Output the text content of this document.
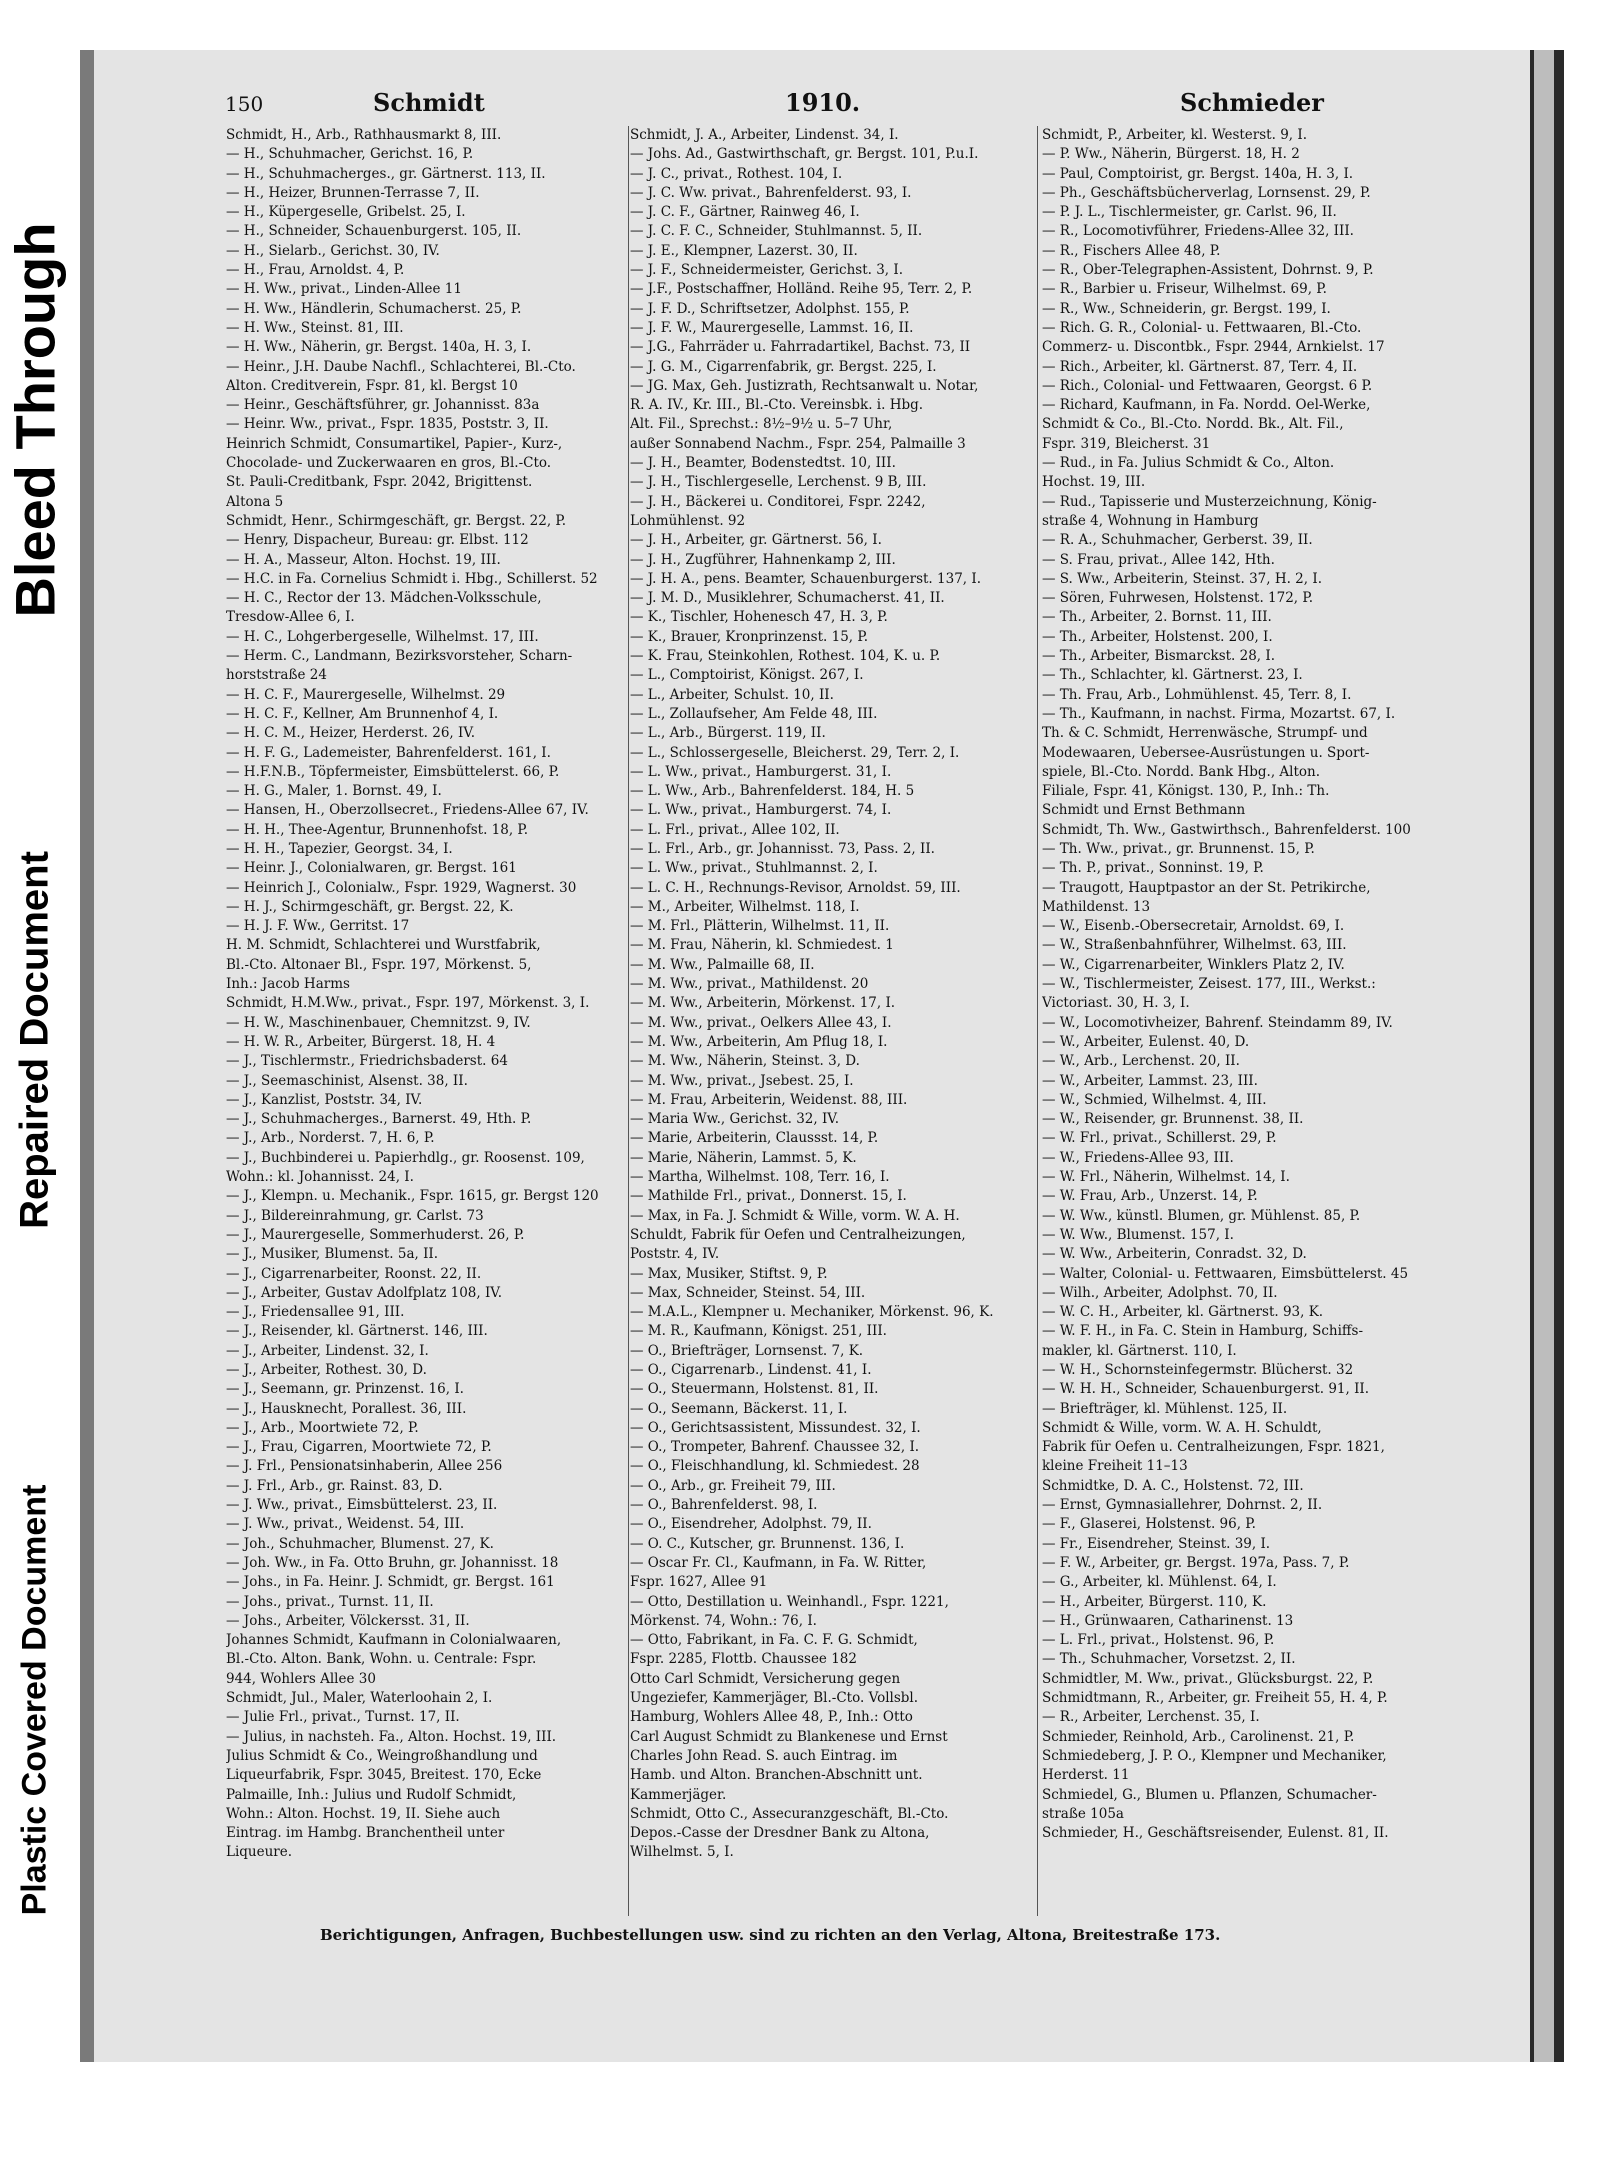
Bleed Through
Repaired Document
Plastic Covered Document
150	Schmidt	1910.	Schmieder
Schmidt, H., Arb., Rathhausmarkt 8, III.
— H., Schuhmacher, Gerichst. 16, P.
— H., Schuhmacherges., gr. Gärtnerst. 113, II.
— H., Heizer, Brunnen-Terrasse 7, II.
— H., Küpergeselle, Gribelst. 25, I.
— H., Schneider, Schauenburgerst. 105, II.
— H., Sielarb., Gerichst. 30, IV.
— H., Frau, Arnoldst. 4, P.
— H. Ww., privat., Linden-Allee 11
— H. Ww., Händlerin, Schumacherst. 25, P.
— H. Ww., Steinst. 81, III.
— H. Ww., Näherin, gr. Bergst. 140a, H. 3, I.
— Heinr., J.H. Daube Nachfl., Schlachterei, Bl.-Cto.
Alton. Creditverein, Fspr. 81, kl. Bergst 10
— Heinr., Geschäftsführer, gr. Johannisst. 83a
— Heinr. Ww., privat., Fspr. 1835, Poststr. 3, II.
Heinrich Schmidt, Consumartikel, Papier-, Kurz-,
Chocolade- und Zuckerwaaren en gros, Bl.-Cto.
St. Pauli-Creditbank, Fspr. 2042, Brigittenst.
Altona 5
Schmidt, Henr., Schirmgeschäft, gr. Bergst. 22, P.
— Henry, Dispacheur, Bureau: gr. Elbst. 112
— H. A., Masseur, Alton. Hochst. 19, III.
— H.C. in Fa. Cornelius Schmidt i. Hbg., Schillerst. 52
— H. C., Rector der 13. Mädchen-Volksschule,
Tresdow-Allee 6, I.
— H. C., Lohgerbergeselle, Wilhelmst. 17, III.
— Herm. C., Landmann, Bezirksvorsteher, Scharn-
horststraße 24
— H. C. F., Maurergeselle, Wilhelmst. 29
— H. C. F., Kellner, Am Brunnenhof 4, I.
— H. C. M., Heizer, Herderst. 26, IV.
— H. F. G., Lademeister, Bahrenfelderst. 161, I.
— H.F.N.B., Töpfermeister, Eimsbüttelerst. 66, P.
— H. G., Maler, 1. Bornst. 49, I.
— Hansen, H., Oberzollsecret., Friedens-Allee 67, IV.
— H. H., Thee-Agentur, Brunnenhofst. 18, P.
— H. H., Tapezier, Georgst. 34, I.
— Heinr. J., Colonialwaren, gr. Bergst. 161
— Heinrich J., Colonialw., Fspr. 1929, Wagnerst. 30
— H. J., Schirmgeschäft, gr. Bergst. 22, K.
— H. J. F. Ww., Gerritst. 17
H. M. Schmidt, Schlachterei und Wurstfabrik,
Bl.-Cto. Altonaer Bl., Fspr. 197, Mörkenst. 5,
Inh.: Jacob Harms
Schmidt, H.M.Ww., privat., Fspr. 197, Mörkenst. 3, I.
— H. W., Maschinenbauer, Chemnitzst. 9, IV.
— H. W. R., Arbeiter, Bürgerst. 18, H. 4
— J., Tischlermstr., Friedrichsbaderst. 64
— J., Seemaschinist, Alsenst. 38, II.
— J., Kanzlist, Poststr. 34, IV.
— J., Schuhmacherges., Barnerst. 49, Hth. P.
— J., Arb., Norderst. 7, H. 6, P.
— J., Buchbinderei u. Papierhdlg., gr. Roosenst. 109,
Wohn.: kl. Johannisst. 24, I.
— J., Klempn. u. Mechanik., Fspr. 1615, gr. Bergst 120
— J., Bildereinrahmung, gr. Carlst. 73
— J., Maurergeselle, Sommerhuderst. 26, P.
— J., Musiker, Blumenst. 5a, II.
— J., Cigarrenarbeiter, Roonst. 22, II.
— J., Arbeiter, Gustav Adolfplatz 108, IV.
— J., Friedensallee 91, III.
— J., Reisender, kl. Gärtnerst. 146, III.
— J., Arbeiter, Lindenst. 32, I.
— J., Arbeiter, Rothest. 30, D.
— J., Seemann, gr. Prinzenst. 16, I.
— J., Hausknecht, Porallest. 36, III.
— J., Arb., Moortwiete 72, P.
— J., Frau, Cigarren, Moortwiete 72, P.
— J. Frl., Pensionatsinhaberin, Allee 256
— J. Frl., Arb., gr. Rainst. 83, D.
— J. Ww., privat., Eimsbüttelerst. 23, II.
— J. Ww., privat., Weidenst. 54, III.
— Joh., Schuhmacher, Blumenst. 27, K.
— Joh. Ww., in Fa. Otto Bruhn, gr. Johannisst. 18
— Johs., in Fa. Heinr. J. Schmidt, gr. Bergst. 161
— Johs., privat., Turnst. 11, II.
— Johs., Arbeiter, Völckersst. 31, II.
Johannes Schmidt, Kaufmann in Colonialwaaren,
Bl.-Cto. Alton. Bank, Wohn. u. Centrale: Fspr.
944, Wohlers Allee 30
Schmidt, Jul., Maler, Waterloohain 2, I.
— Julie Frl., privat., Turnst. 17, II.
— Julius, in nachsteh. Fa., Alton. Hochst. 19, III.
Julius Schmidt & Co., Weingroßhandlung und
Liqueurfabrik, Fspr. 3045, Breitest. 170, Ecke
Palmaille, Inh.: Julius und Rudolf Schmidt,
Wohn.: Alton. Hochst. 19, II. Siehe auch
Eintrag. im Hambg. Branchentheil unter
Liqueure.
Schmidt, J. A., Arbeiter, Lindenst. 34, I.
— Johs. Ad., Gastwirthschaft, gr. Bergst. 101, P.u.I.
— J. C., privat., Rothest. 104, I.
— J. C. Ww. privat., Bahrenfelderst. 93, I.
— J. C. F., Gärtner, Rainweg 46, I.
— J. C. F. C., Schneider, Stuhlmannst. 5, II.
— J. E., Klempner, Lazerst. 30, II.
— J. F., Schneidermeister, Gerichst. 3, I.
— J.F., Postschaffner, Holländ. Reihe 95, Terr. 2, P.
— J. F. D., Schriftsetzer, Adolphst. 155, P.
— J. F. W., Maurergeselle, Lammst. 16, II.
— J.G., Fahrräder u. Fahrradartikel, Bachst. 73, II
— J. G. M., Cigarrenfabrik, gr. Bergst. 225, I.
— JG. Max, Geh. Justizrath, Rechtsanwalt u. Notar,
R. A. IV., Kr. III., Bl.-Cto. Vereinsbk. i. Hbg.
Alt. Fil., Sprechst.: 8½–9½ u. 5–7 Uhr,
außer Sonnabend Nachm., Fspr. 254, Palmaille 3
— J. H., Beamter, Bodenstedtst. 10, III.
— J. H., Tischlergeselle, Lerchenst. 9 B, III.
— J. H., Bäckerei u. Conditorei, Fspr. 2242,
Lohmühlenst. 92
— J. H., Arbeiter, gr. Gärtnerst. 56, I.
— J. H., Zugführer, Hahnenkamp 2, III.
— J. H. A., pens. Beamter, Schauenburgerst. 137, I.
— J. M. D., Musiklehrer, Schumacherst. 41, II.
— K., Tischler, Hohenesch 47, H. 3, P.
— K., Brauer, Kronprinzenst. 15, P.
— K. Frau, Steinkohlen, Rothest. 104, K. u. P.
— L., Comptoirist, Königst. 267, I.
— L., Arbeiter, Schulst. 10, II.
— L., Zollaufseher, Am Felde 48, III.
— L., Arb., Bürgerst. 119, II.
— L., Schlossergeselle, Bleicherst. 29, Terr. 2, I.
— L. Ww., privat., Hamburgerst. 31, I.
— L. Ww., Arb., Bahrenfelderst. 184, H. 5
— L. Ww., privat., Hamburgerst. 74, I.
— L. Frl., privat., Allee 102, II.
— L. Frl., Arb., gr. Johannisst. 73, Pass. 2, II.
— L. Ww., privat., Stuhlmannst. 2, I.
— L. C. H., Rechnungs-Revisor, Arnoldst. 59, III.
— M., Arbeiter, Wilhelmst. 118, I.
— M. Frl., Plätterin, Wilhelmst. 11, II.
— M. Frau, Näherin, kl. Schmiedest. 1
— M. Ww., Palmaille 68, II.
— M. Ww., privat., Mathildenst. 20
— M. Ww., Arbeiterin, Mörkenst. 17, I.
— M. Ww., privat., Oelkers Allee 43, I.
— M. Ww., Arbeiterin, Am Pflug 18, I.
— M. Ww., Näherin, Steinst. 3, D.
— M. Ww., privat., Jsebest. 25, I.
— M. Frau, Arbeiterin, Weidenst. 88, III.
— Maria Ww., Gerichst. 32, IV.
— Marie, Arbeiterin, Claussst. 14, P.
— Marie, Näherin, Lammst. 5, K.
— Martha, Wilhelmst. 108, Terr. 16, I.
— Mathilde Frl., privat., Donnerst. 15, I.
— Max, in Fa. J. Schmidt & Wille, vorm. W. A. H.
Schuldt, Fabrik für Oefen und Centralheizungen,
Poststr. 4, IV.
— Max, Musiker, Stiftst. 9, P.
— Max, Schneider, Steinst. 54, III.
— M.A.L., Klempner u. Mechaniker, Mörkenst. 96, K.
— M. R., Kaufmann, Königst. 251, III.
— O., Briefträger, Lornsenst. 7, K.
— O., Cigarrenarb., Lindenst. 41, I.
— O., Steuermann, Holstenst. 81, II.
— O., Seemann, Bäckerst. 11, I.
— O., Gerichtsassistent, Missundest. 32, I.
— O., Trompeter, Bahrenf. Chaussee 32, I.
— O., Fleischhandlung, kl. Schmiedest. 28
— O., Arb., gr. Freiheit 79, III.
— O., Bahrenfelderst. 98, I.
— O., Eisendreher, Adolphst. 79, II.
— O. C., Kutscher, gr. Brunnenst. 136, I.
— Oscar Fr. Cl., Kaufmann, in Fa. W. Ritter,
Fspr. 1627, Allee 91
— Otto, Destillation u. Weinhandl., Fspr. 1221,
Mörkenst. 74, Wohn.: 76, I.
— Otto, Fabrikant, in Fa. C. F. G. Schmidt,
Fspr. 2285, Flottb. Chaussee 182
Otto Carl Schmidt, Versicherung gegen
Ungeziefer, Kammerjäger, Bl.-Cto. Vollsbl.
Hamburg, Wohlers Allee 48, P., Inh.: Otto
Carl August Schmidt zu Blankenese und Ernst
Charles John Read. S. auch Eintrag. im
Hamb. und Alton. Branchen-Abschnitt unt.
Kammerjäger.
Schmidt, Otto C., Assecuranzgeschäft, Bl.-Cto.
Depos.-Casse der Dresdner Bank zu Altona,
Wilhelmst. 5, I.
Schmidt, P., Arbeiter, kl. Westerst. 9, I.
— P. Ww., Näherin, Bürgerst. 18, H. 2
— Paul, Comptoirist, gr. Bergst. 140a, H. 3, I.
— Ph., Geschäftsbücherverlag, Lornsenst. 29, P.
— P. J. L., Tischlermeister, gr. Carlst. 96, II.
— R., Locomotivführer, Friedens-Allee 32, III.
— R., Fischers Allee 48, P.
— R., Ober-Telegraphen-Assistent, Dohrnst. 9, P.
— R., Barbier u. Friseur, Wilhelmst. 69, P.
— R., Ww., Schneiderin, gr. Bergst. 199, I.
— Rich. G. R., Colonial- u. Fettwaaren, Bl.-Cto.
Commerz- u. Discontbk., Fspr. 2944, Arnkielst. 17
— Rich., Arbeiter, kl. Gärtnerst. 87, Terr. 4, II.
— Rich., Colonial- und Fettwaaren, Georgst. 6 P.
— Richard, Kaufmann, in Fa. Nordd. Oel-Werke,
Schmidt & Co., Bl.-Cto. Nordd. Bk., Alt. Fil.,
Fspr. 319, Bleicherst. 31
— Rud., in Fa. Julius Schmidt & Co., Alton.
Hochst. 19, III.
— Rud., Tapisserie und Musterzeichnung, König-
straße 4, Wohnung in Hamburg
— R. A., Schuhmacher, Gerberst. 39, II.
— S. Frau, privat., Allee 142, Hth.
— S. Ww., Arbeiterin, Steinst. 37, H. 2, I.
— Sören, Fuhrwesen, Holstenst. 172, P.
— Th., Arbeiter, 2. Bornst. 11, III.
— Th., Arbeiter, Holstenst. 200, I.
— Th., Arbeiter, Bismarckst. 28, I.
— Th., Schlachter, kl. Gärtnerst. 23, I.
— Th. Frau, Arb., Lohmühlenst. 45, Terr. 8, I.
— Th., Kaufmann, in nachst. Firma, Mozartst. 67, I.
Th. & C. Schmidt, Herrenwäsche, Strumpf- und
Modewaaren, Ueberseе-Ausrüstungen u. Sport-
spiele, Bl.-Cto. Nordd. Bank Hbg., Alton.
Filiale, Fspr. 41, Königst. 130, P., Inh.: Th.
Schmidt und Ernst Bethmann
Schmidt, Th. Ww., Gastwirthsch., Bahrenfelderst. 100
— Th. Ww., privat., gr. Brunnenst. 15, P.
— Th. P., privat., Sonninst. 19, P.
— Traugott, Hauptpastor an der St. Petrikirche,
Mathildenst. 13
— W., Eisenb.-Obersecretair, Arnoldst. 69, I.
— W., Straßenbahnführer, Wilhelmst. 63, III.
— W., Cigarrenarbeiter, Winklers Platz 2, IV.
— W., Tischlermeister, Zeisest. 177, III., Werkst.:
Victoriast. 30, H. 3, I.
— W., Locomotivheizer, Bahrenf. Steindamm 89, IV.
— W., Arbeiter, Eulenst. 40, D.
— W., Arb., Lerchenst. 20, II.
— W., Arbeiter, Lammst. 23, III.
— W., Schmied, Wilhelmst. 4, III.
— W., Reisender, gr. Brunnenst. 38, II.
— W. Frl., privat., Schillerst. 29, P.
— W., Friedens-Allee 93, III.
— W. Frl., Näherin, Wilhelmst. 14, I.
— W. Frau, Arb., Unzerst. 14, P.
— W. Ww., künstl. Blumen, gr. Mühlenst. 85, P.
— W. Ww., Blumenst. 157, I.
— W. Ww., Arbeiterin, Conradst. 32, D.
— Walter, Colonial- u. Fettwaaren, Eimsbüttelerst. 45
— Wilh., Arbeiter, Adolphst. 70, II.
— W. C. H., Arbeiter, kl. Gärtnerst. 93, K.
— W. F. H., in Fa. C. Stein in Hamburg, Schiffs-
makler, kl. Gärtnerst. 110, I.
— W. H., Schornsteinfegermstr. Blücherst. 32
— W. H. H., Schneider, Schauenburgerst. 91, II.
— Briefträger, kl. Mühlenst. 125, II.
Schmidt & Wille, vorm. W. A. H. Schuldt,
Fabrik für Oefen u. Centralheizungen, Fspr. 1821,
kleine Freiheit 11–13
Schmidtke, D. A. C., Holstenst. 72, III.
— Ernst, Gymnasiallehrer, Dohrnst. 2, II.
— F., Glaserei, Holstenst. 96, P.
— Fr., Eisendreher, Steinst. 39, I.
— F. W., Arbeiter, gr. Bergst. 197a, Pass. 7, P.
— G., Arbeiter, kl. Mühlenst. 64, I.
— H., Arbeiter, Bürgerst. 110, K.
— H., Grünwaaren, Catharinenst. 13
— L. Frl., privat., Holstenst. 96, P.
— Th., Schuhmacher, Vorsetzst. 2, II.
Schmidtler, M. Ww., privat., Glücksburgst. 22, P.
Schmidtmann, R., Arbeiter, gr. Freiheit 55, H. 4, P.
— R., Arbeiter, Lerchenst. 35, I.
Schmieder, Reinhold, Arb., Carolinenst. 21, P.
Schmiedeberg, J. P. O., Klempner und Mechaniker,
Herderst. 11
Schmiedel, G., Blumen u. Pflanzen, Schumacher-
straße 105a
Schmieder, H., Geschäftsreisender, Eulenst. 81, II.
Berichtigungen, Anfragen, Buchbestellungen usw. sind zu richten an den Verlag, Altona, Breitestraße 173.
